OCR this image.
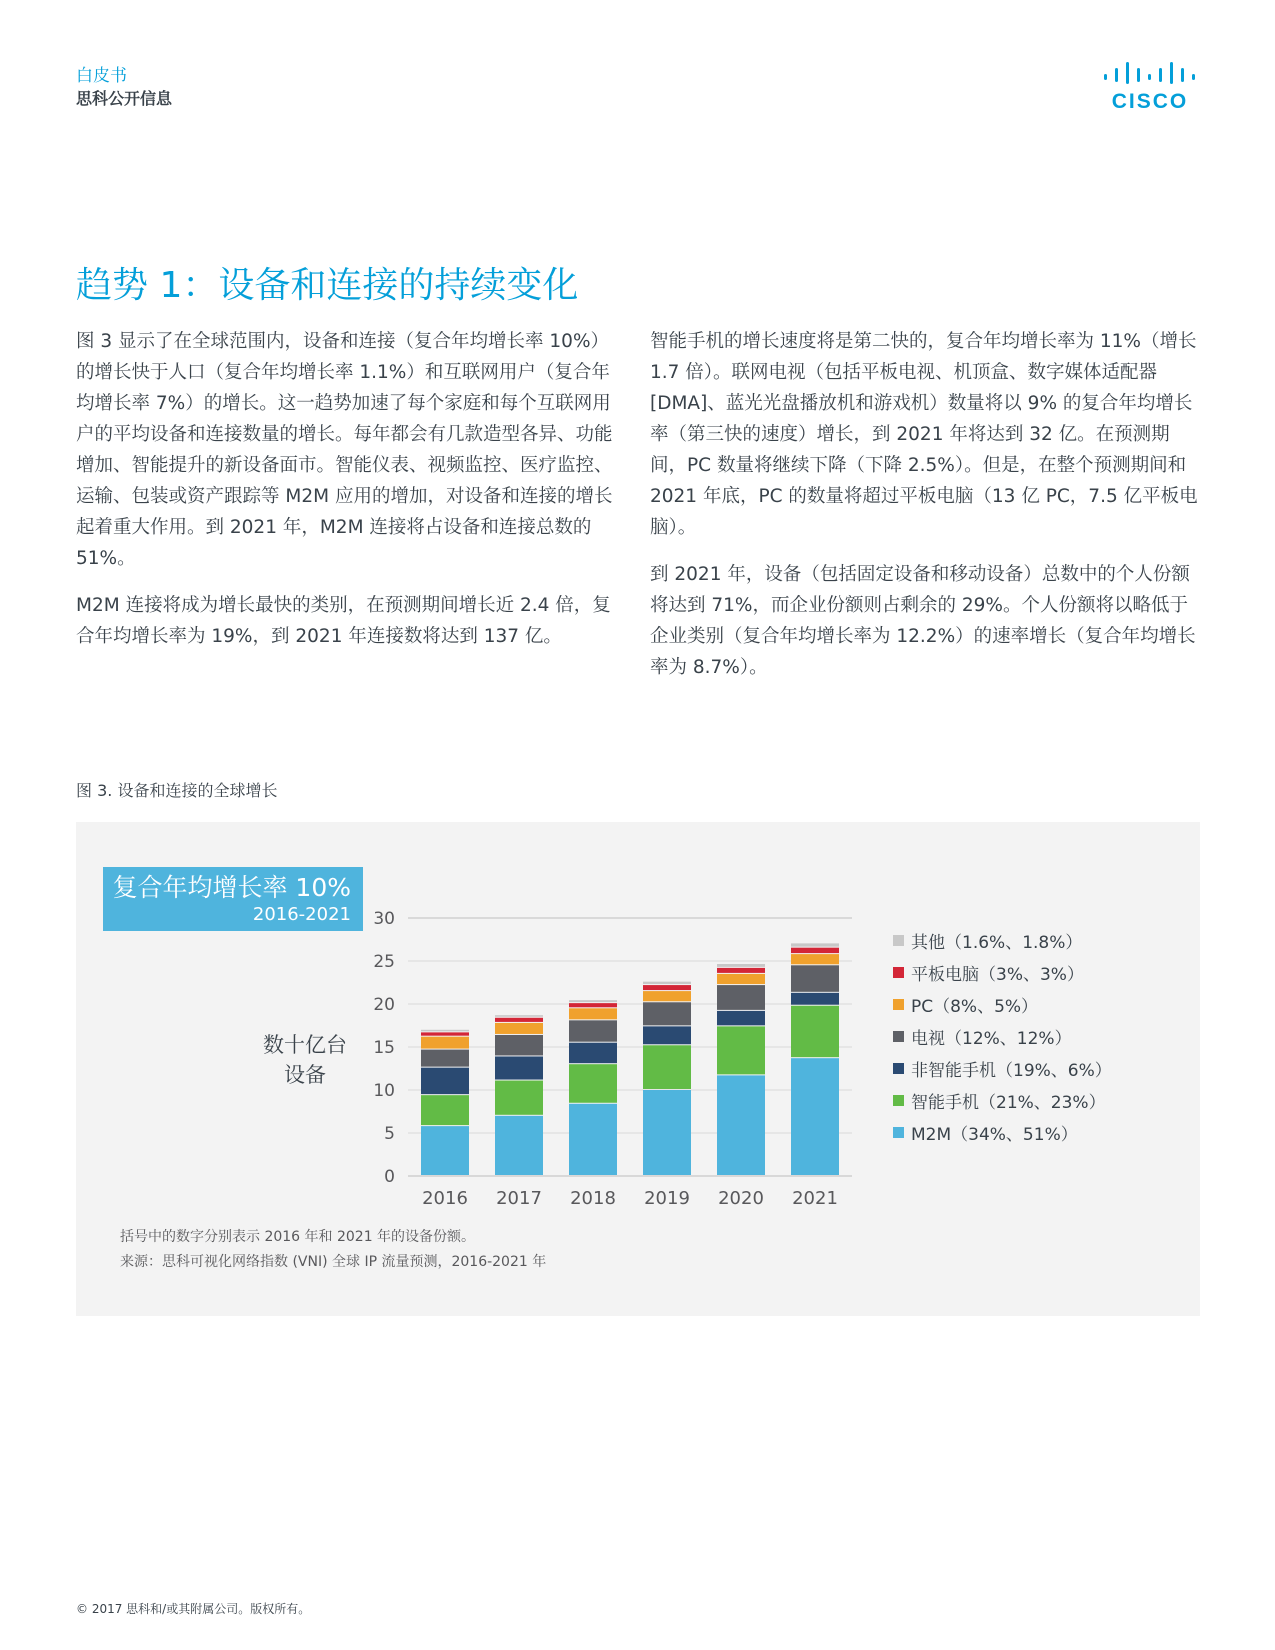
白皮书
思科公开信息	CISCO
趋势 1：设备和连接的持续变化

图 3 显示了在全球范围内，设备和连接（复合年均增长率 10%）的增长快于人口（复合年均增长率 1.1%）和互联网用户（复合年均增长率 7%）的增长。这一趋势加速了每个家庭和每个互联网用户的平均设备和连接数量的增长。每年都会有几款造型各异、功能增加、智能提升的新设备面市。智能仪表、视频监控、医疗监控、运输、包装或资产跟踪等 M2M 应用的增加，对设备和连接的增长起着重大作用。到 2021 年，M2M 连接将占设备和连接总数的 51%。

M2M 连接将成为增长最快的类别，在预测期间增长近 2.4 倍，复合年均增长率为 19%，到 2021 年连接数将达到 137 亿。

智能手机的增长速度将是第二快的，复合年均增长率为 11%（增长 1.7 倍）。联网电视（包括平板电视、机顶盒、数字媒体适配器 [DMA]、蓝光光盘播放机和游戏机）数量将以 9% 的复合年均增长率（第三快的速度）增长，到 2021 年将达到 32 亿。在预测期间，PC 数量将继续下降（下降 2.5%）。但是，在整个预测期间和 2021 年底，PC 的数量将超过平板电脑（13 亿 PC，7.5 亿平板电脑）。

到 2021 年，设备（包括固定设备和移动设备）总数中的个人份额将达到 71%，而企业份额则占剩余的 29%。个人份额将以略低于企业类别（复合年均增长率为 12.2%）的速率增长（复合年均增长率为 8.7%）。

图 3. 设备和连接的全球增长
复合年均增长率 10%
2016-2021
数十亿台
设备
0
5
10
15
20
25
30
2016 2017 2018 2019 2020 2021
其他（1.6%、1.8%）
平板电脑（3%、3%）
PC（8%、5%）
电视（12%、12%）
非智能手机（19%、6%）
智能手机（21%、23%）
M2M（34%、51%）
括号中的数字分别表示 2016 年和 2021 年的设备份额。
来源：思科可视化网络指数 (VNI) 全球 IP 流量预测，2016-2021 年
© 2017 思科和/或其附属公司。版权所有。
